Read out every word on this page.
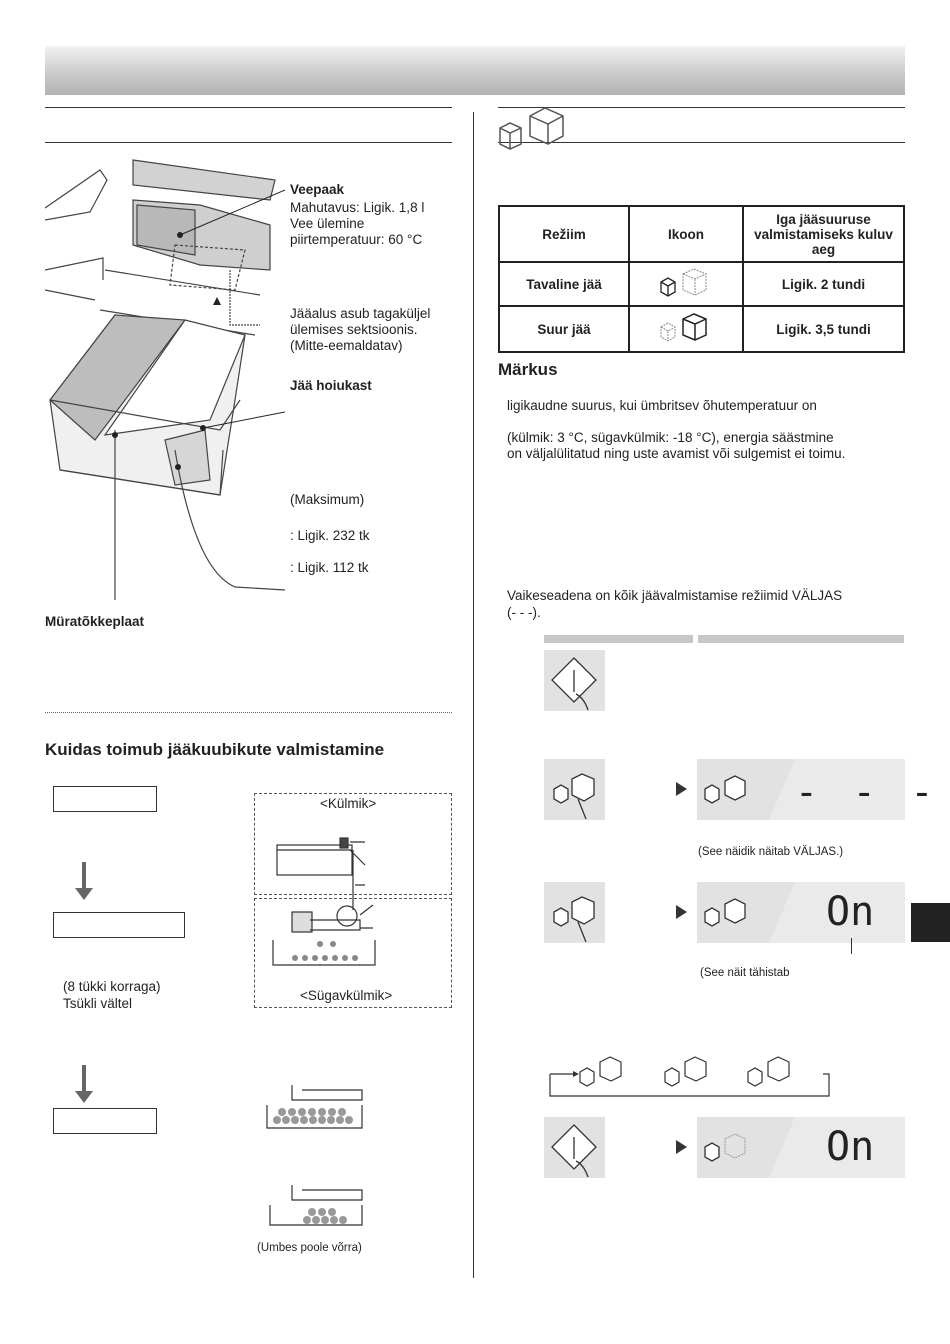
Veepaak
Mahutavus: Ligik. 1,8 l
Vee ülemine
piirtemperatuur: 60 °C
Jääalus asub tagaküljel
ülemises sektsioonis.
(Mitte-eemaldatav)
Jää hoiukast
(Maksimum)
: Ligik. 232 tk
: Ligik. 112 tk
Müratõkkeplaat
Kuidas toimub jääkuubikute valmistamine
(8 tükki korraga)
Tsükli vältel
<Külmik>
<Sügavkülmik>
(Umbes poole võrra)
Režiim	Ikoon	Iga jääsuuruse valmistamiseks kuluv aeg
Tavaline jää		Ligik. 2 tundi
Suur jää		Ligik. 3,5 tundi
Märkus
ligikaudne suurus, kui ümbritsev õhutemperatuur on
(külmik: 3 °C, sügavkülmik: -18 °C), energia säästmine
on väljalülitatud ning uste avamist või sulgemist ei toimu.
Vaikeseadena on kõik jäävalmistamise režiimid VÄLJAS
(- - -).
- - -
(See näidik näitab VÄLJAS.)
On
(See näit tähistab
On
